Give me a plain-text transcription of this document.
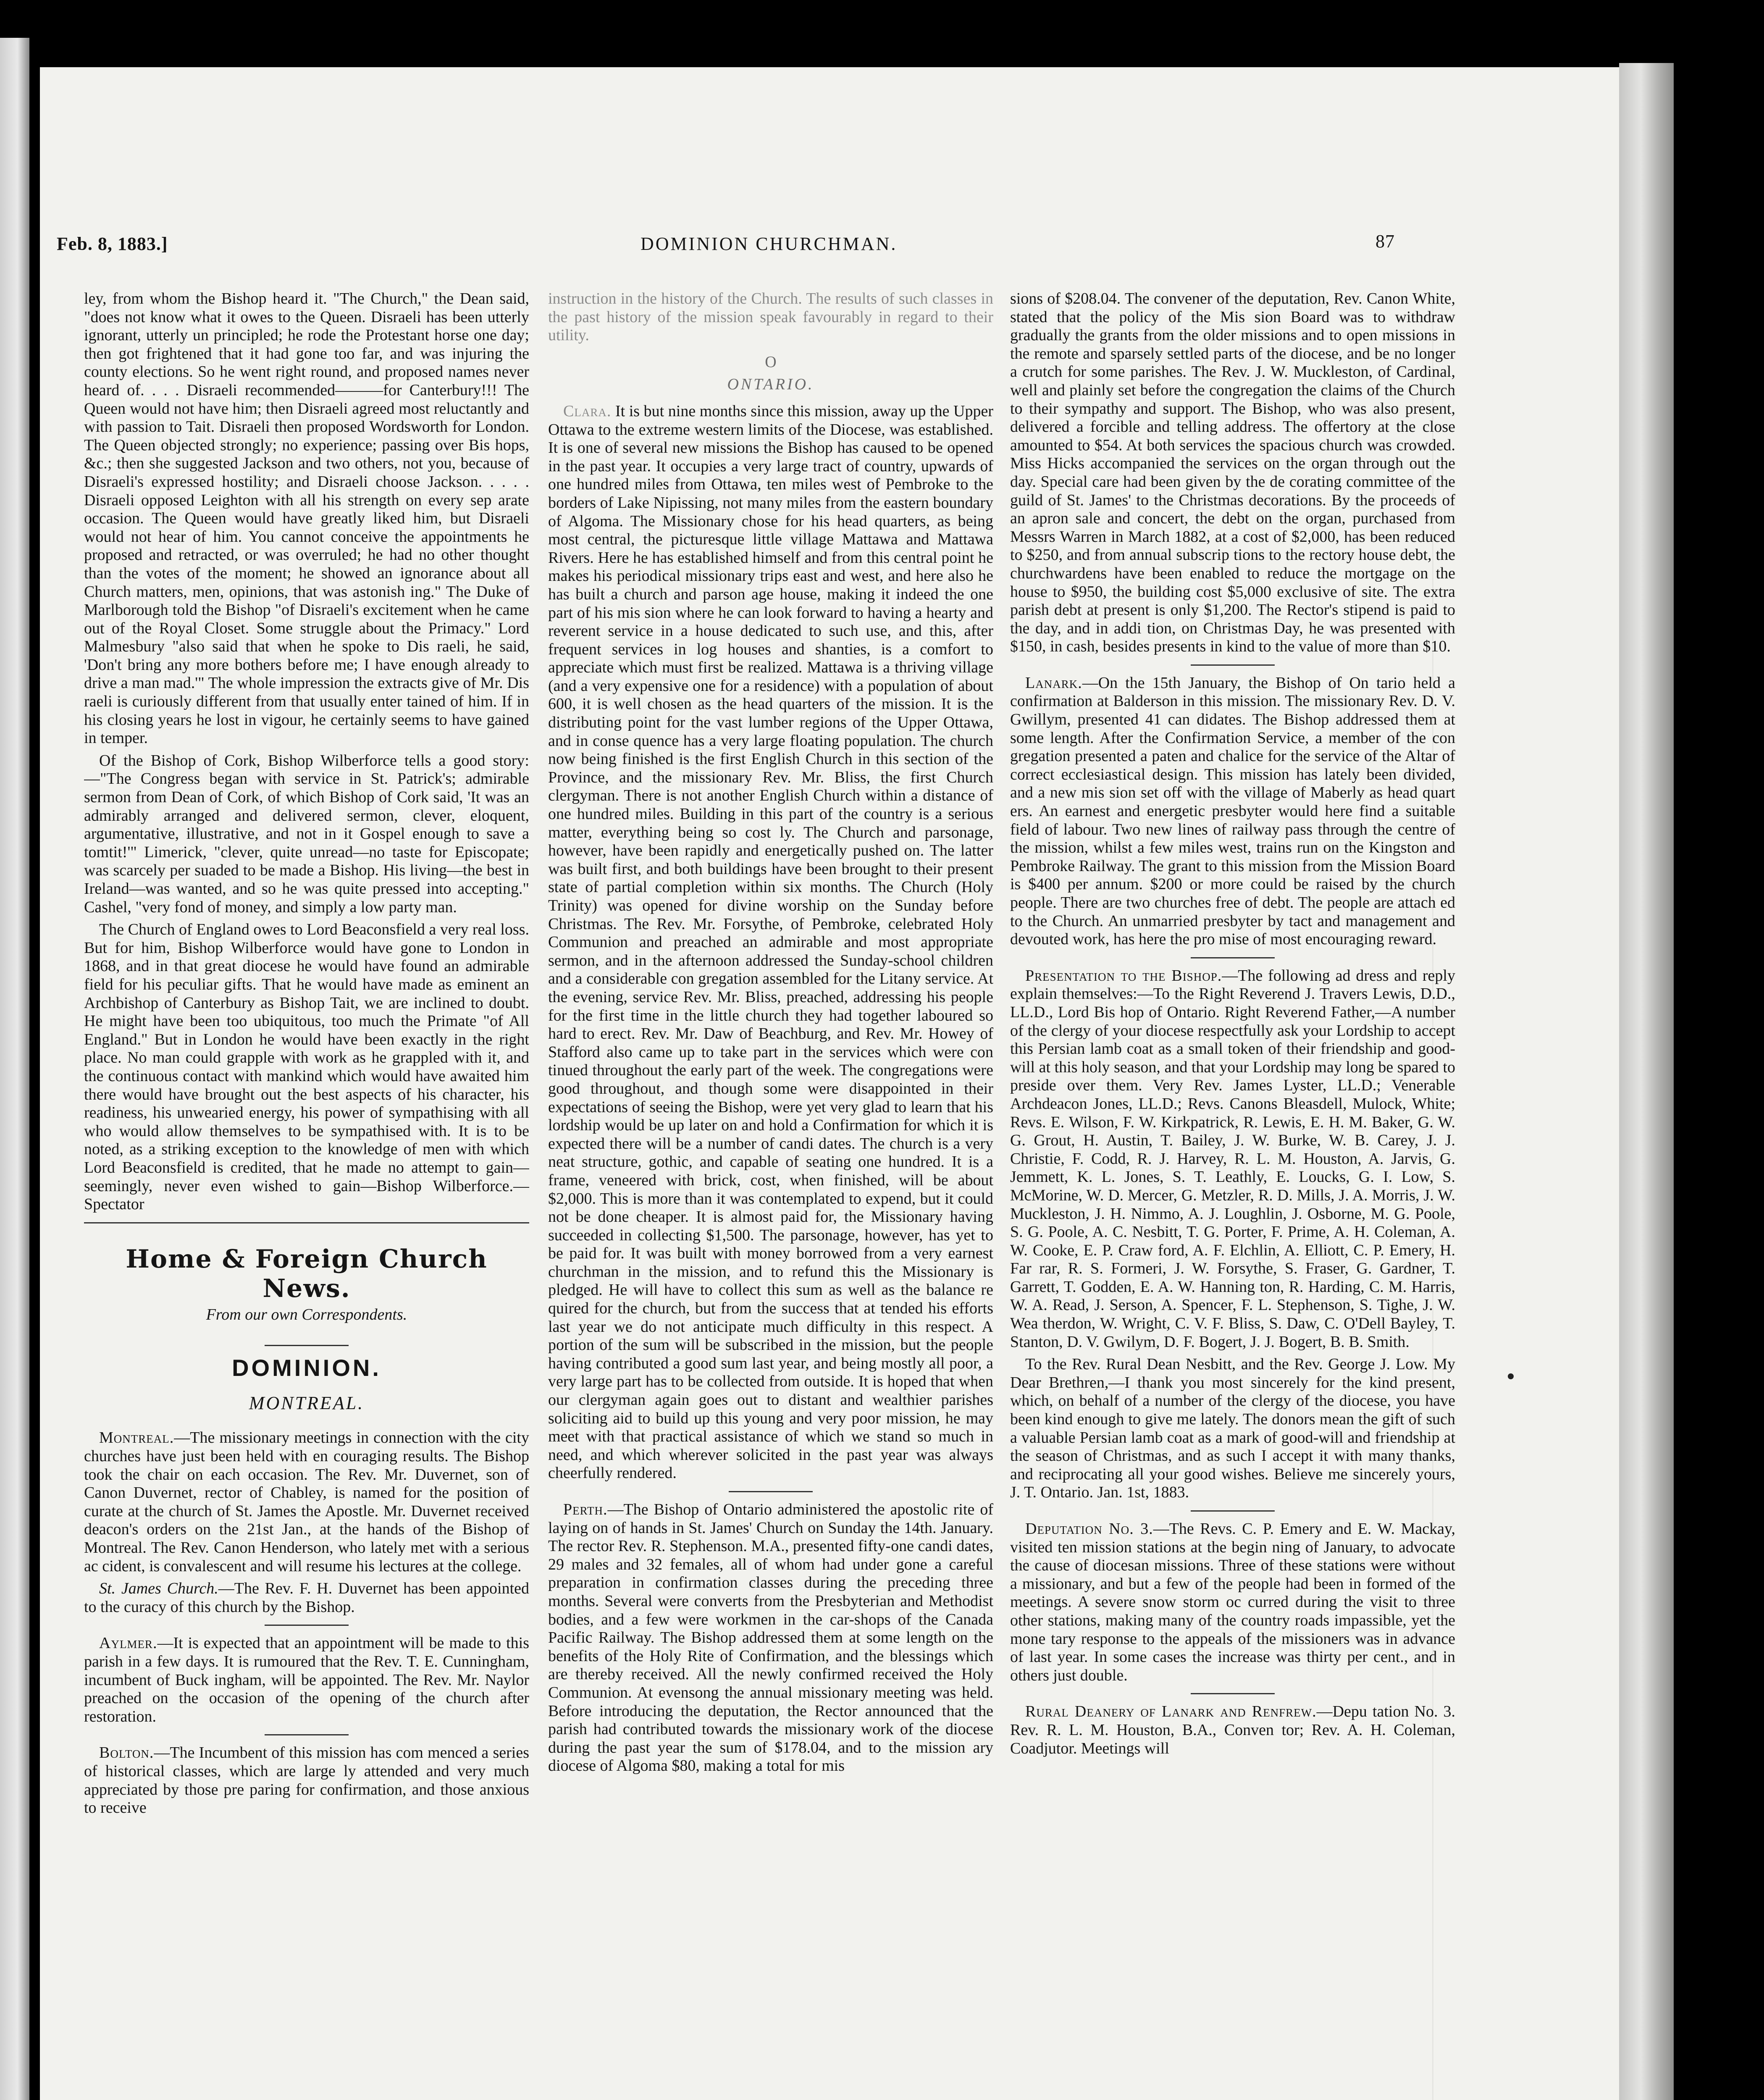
Feb. 8, 1883.]	DOMINION CHURCHMAN.	87

ley, from whom the Bishop heard it. "The Church," the Dean said, "does not know what it owes to the Queen. Disraeli has been utterly ignorant, utterly un principled; he rode the Protestant horse one day; then got frightened that it had gone too far, and was injuring the county elections. So he went right round, and proposed names never heard of. . . . Disraeli recommended———for Canterbury!!! The Queen would not have him; then Disraeli agreed most reluctantly and with passion to Tait. Disraeli then proposed Wordsworth for London. The Queen objected strongly; no experience; passing over Bis hops, &c.; then she suggested Jackson and two others, not you, because of Disraeli's expressed hostility; and Disraeli choose Jackson. . . . . Disraeli opposed Leighton with all his strength on every sep arate occasion. The Queen would have greatly liked him, but Disraeli would not hear of him. You cannot conceive the appointments he proposed and retracted, or was overruled; he had no other thought than the votes of the moment; he showed an ignorance about all Church matters, men, opinions, that was astonish ing." The Duke of Marlborough told the Bishop "of Disraeli's excitement when he came out of the Royal Closet. Some struggle about the Primacy." Lord Malmesbury "also said that when he spoke to Dis raeli, he said, 'Don't bring any more bothers before me; I have enough already to drive a man mad.'" The whole impression the extracts give of Mr. Dis raeli is curiously different from that usually enter tained of him. If in his closing years he lost in vigour, he certainly seems to have gained in temper.

Of the Bishop of Cork, Bishop Wilberforce tells a good story:—"The Congress began with service in St. Patrick's; admirable sermon from Dean of Cork, of which Bishop of Cork said, 'It was an admirably arranged and delivered sermon, clever, eloquent, argumentative, illustrative, and not in it Gospel enough to save a tomtit!'" Limerick, "clever, quite unread—no taste for Episcopate; was scarcely per suaded to be made a Bishop. His living—the best in Ireland—was wanted, and so he was quite pressed into accepting." Cashel, "very fond of money, and simply a low party man.

The Church of England owes to Lord Beaconsfield a very real loss. But for him, Bishop Wilberforce would have gone to London in 1868, and in that great diocese he would have found an admirable field for his peculiar gifts. That he would have made as eminent an Archbishop of Canterbury as Bishop Tait, we are inclined to doubt. He might have been too ubiquitous, too much the Primate "of All England." But in London he would have been exactly in the right place. No man could grapple with work as he grappled with it, and the continuous contact with mankind which would have awaited him there would have brought out the best aspects of his character, his readiness, his unwearied energy, his power of sympathising with all who would allow themselves to be sympathised with. It is to be noted, as a striking exception to the knowledge of men with which Lord Beaconsfield is credited, that he made no attempt to gain—seemingly, never even wished to gain—Bishop Wilberforce.—Spectator

Home & Foreign Church News.
From our own Correspondents.
DOMINION.
MONTREAL.

Montreal.—The missionary meetings in connection with the city churches have just been held with en couraging results. The Bishop took the chair on each occasion. The Rev. Mr. Duvernet, son of Canon Duvernet, rector of Chabley, is named for the position of curate at the church of St. James the Apostle. Mr. Duvernet received deacon's orders on the 21st Jan., at the hands of the Bishop of Montreal. The Rev. Canon Henderson, who lately met with a serious ac cident, is convalescent and will resume his lectures at the college.

St. James Church.—The Rev. F. H. Duvernet has been appointed to the curacy of this church by the Bishop.

Aylmer.—It is expected that an appointment will be made to this parish in a few days. It is rumoured that the Rev. T. E. Cunningham, incumbent of Buck ingham, will be appointed. The Rev. Mr. Naylor preached on the occasion of the opening of the church after restoration.

Bolton.—The Incumbent of this mission has com menced a series of historical classes, which are large ly attended and very much appreciated by those pre paring for confirmation, and those anxious to receive

instruction in the history of the Church. The results of such classes in the past history of the mission speak favourably in regard to their utility.

O
ONTARIO.

Clara. It is but nine months since this mission, away up the Upper Ottawa to the extreme western limits of the Diocese, was established. It is one of several new missions the Bishop has caused to be opened in the past year. It occupies a very large tract of country, upwards of one hundred miles from Ottawa, ten miles west of Pembroke to the borders of Lake Nipissing, not many miles from the eastern boundary of Algoma. The Missionary chose for his head quarters, as being most central, the picturesque little village Mattawa and Mattawa Rivers. Here he has established himself and from this central point he makes his periodical missionary trips east and west, and here also he has built a church and parson age house, making it indeed the one part of his mis sion where he can look forward to having a hearty and reverent service in a house dedicated to such use, and this, after frequent services in log houses and shanties, is a comfort to appreciate which must first be realized. Mattawa is a thriving village (and a very expensive one for a residence) with a population of about 600, it is well chosen as the head quarters of the mission. It is the distributing point for the vast lumber regions of the Upper Ottawa, and in conse quence has a very large floating population. The church now being finished is the first English Church in this section of the Province, and the missionary Rev. Mr. Bliss, the first Church clergyman. There is not another English Church within a distance of one hundred miles. Building in this part of the country is a serious matter, everything being so cost ly. The Church and parsonage, however, have been rapidly and energetically pushed on. The latter was built first, and both buildings have been brought to their present state of partial completion within six months. The Church (Holy Trinity) was opened for divine worship on the Sunday before Christmas. The Rev. Mr. Forsythe, of Pembroke, celebrated Holy Communion and preached an admirable and most appropriate sermon, and in the afternoon addressed the Sunday-school children and a considerable con gregation assembled for the Litany service. At the evening, service Rev. Mr. Bliss, preached, addressing his people for the first time in the little church they had together laboured so hard to erect. Rev. Mr. Daw of Beachburg, and Rev. Mr. Howey of Stafford also came up to take part in the services which were con tinued throughout the early part of the week. The congregations were good throughout, and though some were disappointed in their expectations of seeing the Bishop, were yet very glad to learn that his lordship would be up later on and hold a Confirmation for which it is expected there will be a number of candi dates. The church is a very neat structure, gothic, and capable of seating one hundred. It is a frame, veneered with brick, cost, when finished, will be about $2,000. This is more than it was contemplated to expend, but it could not be done cheaper. It is almost paid for, the Missionary having succeeded in collecting $1,500. The parsonage, however, has yet to be paid for. It was built with money borrowed from a very earnest churchman in the mission, and to refund this the Missionary is pledged. He will have to collect this sum as well as the balance re quired for the church, but from the success that at tended his efforts last year we do not anticipate much difficulty in this respect. A portion of the sum will be subscribed in the mission, but the people having contributed a good sum last year, and being mostly all poor, a very large part has to be collected from outside. It is hoped that when our clergyman again goes out to distant and wealthier parishes soliciting aid to build up this young and very poor mission, he may meet with that practical assistance of which we stand so much in need, and which wherever solicited in the past year was always cheerfully rendered.

Perth.—The Bishop of Ontario administered the apostolic rite of laying on of hands in St. James' Church on Sunday the 14th. January. The rector Rev. R. Stephenson. M.A., presented fifty-one candi dates, 29 males and 32 females, all of whom had under gone a careful preparation in confirmation classes during the preceding three months. Several were converts from the Presbyterian and Methodist bodies, and a few were workmen in the car-shops of the Canada Pacific Railway. The Bishop addressed them at some length on the benefits of the Holy Rite of Confirmation, and the blessings which are thereby received. All the newly confirmed received the Holy Communion. At evensong the annual missionary meeting was held. Before introducing the deputation, the Rector announced that the parish had contributed towards the missionary work of the diocese during the past year the sum of $178.04, and to the mission ary diocese of Algoma $80, making a total for mis

sions of $208.04. The convener of the deputation, Rev. Canon White, stated that the policy of the Mis sion Board was to withdraw gradually the grants from the older missions and to open missions in the remote and sparsely settled parts of the diocese, and be no longer a crutch for some parishes. The Rev. J. W. Muckleston, of Cardinal, well and plainly set before the congregation the claims of the Church to their sympathy and support. The Bishop, who was also present, delivered a forcible and telling address. The offertory at the close amounted to $54. At both services the spacious church was crowded. Miss Hicks accompanied the services on the organ through out the day. Special care had been given by the de corating committee of the guild of St. James' to the Christmas decorations. By the proceeds of an apron sale and concert, the debt on the organ, purchased from Messrs Warren in March 1882, at a cost of $2,000, has been reduced to $250, and from annual subscrip tions to the rectory house debt, the churchwardens have been enabled to reduce the mortgage on the house to $950, the building cost $5,000 exclusive of site. The extra parish debt at present is only $1,200. The Rector's stipend is paid to the day, and in addi tion, on Christmas Day, he was presented with $150, in cash, besides presents in kind to the value of more than $10.

Lanark.—On the 15th January, the Bishop of On tario held a confirmation at Balderson in this mission. The missionary Rev. D. V. Gwillym, presented 41 can didates. The Bishop addressed them at some length. After the Confirmation Service, a member of the con gregation presented a paten and chalice for the service of the Altar of correct ecclesiastical design. This mission has lately been divided, and a new mis sion set off with the village of Maberly as head quart ers. An earnest and energetic presbyter would here find a suitable field of labour. Two new lines of railway pass through the centre of the mission, whilst a few miles west, trains run on the Kingston and Pembroke Railway. The grant to this mission from the Mission Board is $400 per annum. $200 or more could be raised by the church people. There are two churches free of debt. The people are attach ed to the Church. An unmarried presbyter by tact and management and devouted work, has here the pro mise of most encouraging reward.

Presentation to the Bishop.—The following ad dress and reply explain themselves:—To the Right Reverend J. Travers Lewis, D.D., LL.D., Lord Bis hop of Ontario. Right Reverend Father,—A number of the clergy of your diocese respectfully ask your Lordship to accept this Persian lamb coat as a small token of their friendship and good-will at this holy season, and that your Lordship may long be spared to preside over them. Very Rev. James Lyster, LL.D.; Venerable Archdeacon Jones, LL.D.; Revs. Canons Bleasdell, Mulock, White; Revs. E. Wilson, F. W. Kirkpatrick, R. Lewis, E. H. M. Baker, G. W. G. Grout, H. Austin, T. Bailey, J. W. Burke, W. B. Carey, J. J. Christie, F. Codd, R. J. Harvey, R. L. M. Houston, A. Jarvis, G. Jemmett, K. L. Jones, S. T. Leathly, E. Loucks, G. I. Low, S. McMorine, W. D. Mercer, G. Metzler, R. D. Mills, J. A. Morris, J. W. Muckleston, J. H. Nimmo, A. J. Loughlin, J. Osborne, M. G. Poole, S. G. Poole, A. C. Nesbitt, T. G. Porter, F. Prime, A. H. Coleman, A. W. Cooke, E. P. Craw ford, A. F. Elchlin, A. Elliott, C. P. Emery, H. Far rar, R. S. Formeri, J. W. Forsythe, S. Fraser, G. Gardner, T. Garrett, T. Godden, E. A. W. Hanning ton, R. Harding, C. M. Harris, W. A. Read, J. Serson, A. Spencer, F. L. Stephenson, S. Tighe, J. W. Wea therdon, W. Wright, C. V. F. Bliss, S. Daw, C. O'Dell Bayley, T. Stanton, D. V. Gwilym, D. F. Bogert, J. J. Bogert, B. B. Smith.

To the Rev. Rural Dean Nesbitt, and the Rev. George J. Low. My Dear Brethren,—I thank you most sincerely for the kind present, which, on behalf of a number of the clergy of the diocese, you have been kind enough to give me lately. The donors mean the gift of such a valuable Persian lamb coat as a mark of good-will and friendship at the season of Christmas, and as such I accept it with many thanks, and reciprocating all your good wishes. Believe me sincerely yours, J. T. Ontario. Jan. 1st, 1883.

Deputation No. 3.—The Revs. C. P. Emery and E. W. Mackay, visited ten mission stations at the begin ning of January, to advocate the cause of diocesan missions. Three of these stations were without a missionary, and but a few of the people had been in formed of the meetings. A severe snow storm oc curred during the visit to three other stations, making many of the country roads impassible, yet the mone tary response to the appeals of the missioners was in advance of last year. In some cases the increase was thirty per cent., and in others just double.

Rural Deanery of Lanark and Renfrew.—Depu tation No. 3. Rev. R. L. M. Houston, B.A., Conven tor; Rev. A. H. Coleman, Coadjutor. Meetings will
